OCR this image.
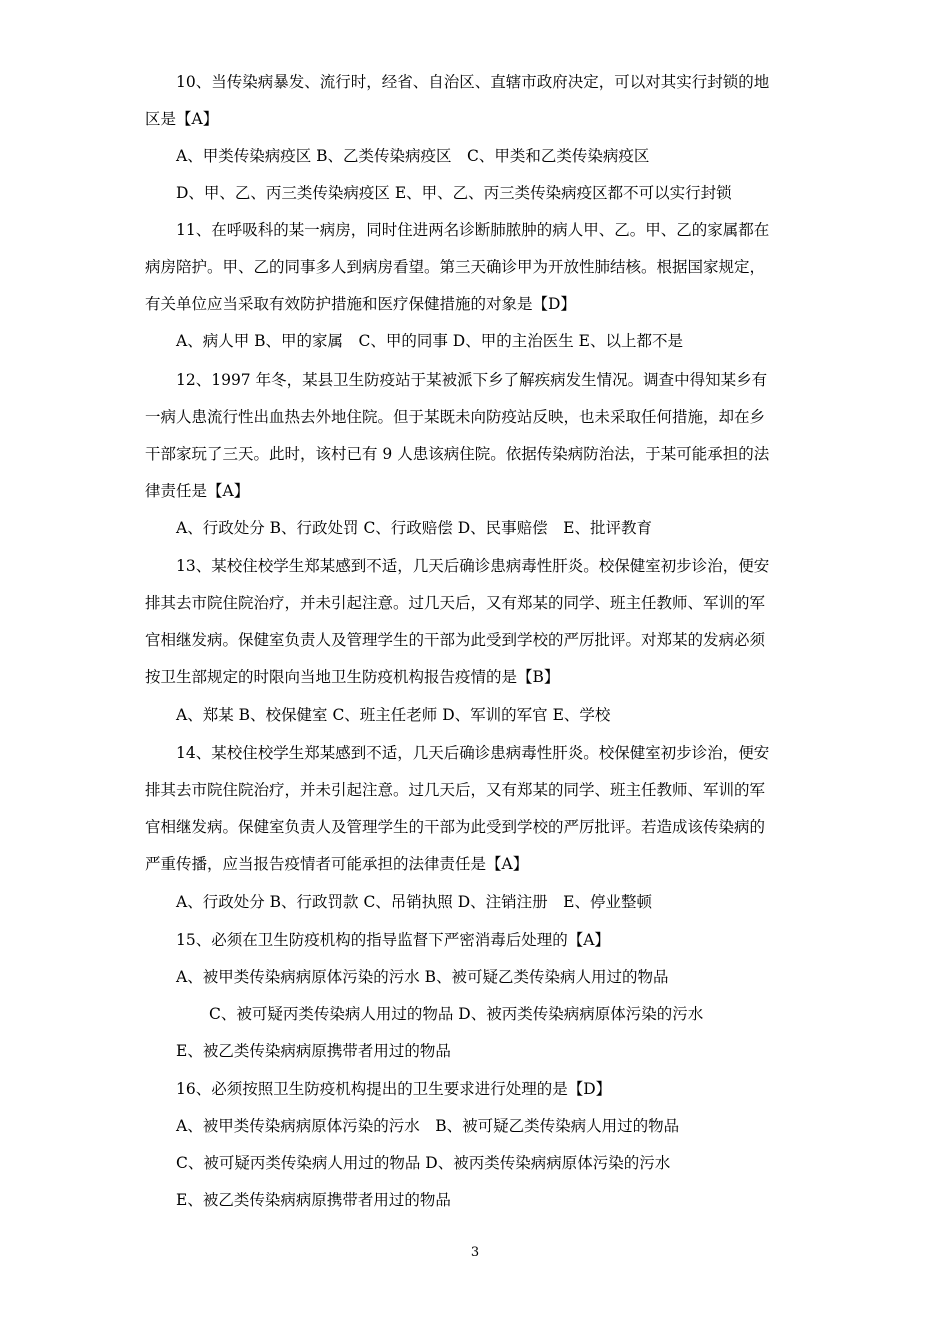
10、当传染病暴发、流行时，经省、自治区、直辖市政府决定，可以对其实行封锁的地
区是【A】
A、甲类传染病疫区 B、乙类传染病疫区　C、甲类和乙类传染病疫区
D、甲、乙、丙三类传染病疫区 E、甲、乙、丙三类传染病疫区都不可以实行封锁
11、在呼吸科的某一病房，同时住进两名诊断肺脓肿的病人甲、乙。甲、乙的家属都在
病房陪护。甲、乙的同事多人到病房看望。第三天确诊甲为开放性肺结核。根据国家规定，
有关单位应当采取有效防护措施和医疗保健措施的对象是【D】
A、病人甲 B、甲的家属　C、甲的同事 D、甲的主治医生 E、以上都不是
12、1997 年冬，某县卫生防疫站于某被派下乡了解疾病发生情况。调查中得知某乡有
一病人患流行性出血热去外地住院。但于某既未向防疫站反映，也未采取任何措施，却在乡
干部家玩了三天。此时，该村已有 9 人患该病住院。依据传染病防治法，于某可能承担的法
律责任是【A】
A、行政处分 B、行政处罚 C、行政赔偿 D、民事赔偿　E、批评教育
13、某校住校学生郑某感到不适，几天后确诊患病毒性肝炎。校保健室初步诊治，便安
排其去市院住院治疗，并未引起注意。过几天后，又有郑某的同学、班主任教师、军训的军
官相继发病。保健室负责人及管理学生的干部为此受到学校的严厉批评。对郑某的发病必须
按卫生部规定的时限向当地卫生防疫机构报告疫情的是【B】
A、郑某 B、校保健室 C、班主任老师 D、军训的军官 E、学校
14、某校住校学生郑某感到不适，几天后确诊患病毒性肝炎。校保健室初步诊治，便安
排其去市院住院治疗，并未引起注意。过几天后，又有郑某的同学、班主任教师、军训的军
官相继发病。保健室负责人及管理学生的干部为此受到学校的严厉批评。若造成该传染病的
严重传播，应当报告疫情者可能承担的法律责任是【A】
A、行政处分 B、行政罚款 C、吊销执照 D、注销注册　E、停业整顿
15、必须在卫生防疫机构的指导监督下严密消毒后处理的【A】
A、被甲类传染病病原体污染的污水 B、被可疑乙类传染病人用过的物品
C、被可疑丙类传染病人用过的物品 D、被丙类传染病病原体污染的污水
E、被乙类传染病病原携带者用过的物品
16、必须按照卫生防疫机构提出的卫生要求进行处理的是【D】
A、被甲类传染病病原体污染的污水　B、被可疑乙类传染病人用过的物品
C、被可疑丙类传染病人用过的物品 D、被丙类传染病病原体污染的污水
E、被乙类传染病病原携带者用过的物品
3
